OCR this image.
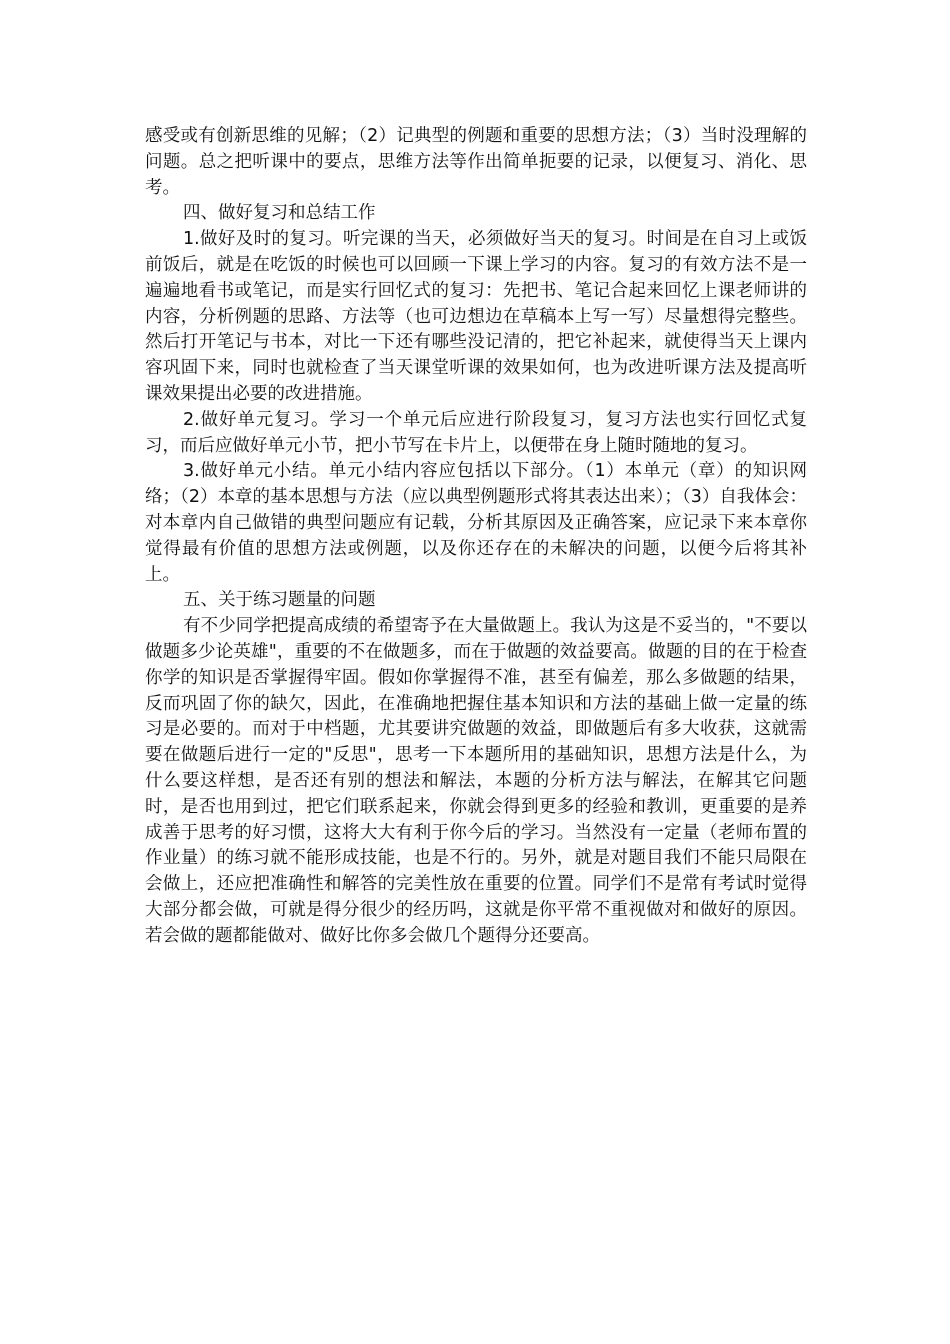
感受或有创新思维的见解；（2）记典型的例题和重要的思想方法；（3）当时没理解的问题。总之把听课中的要点，思维方法等作出简单扼要的记录，以便复习、消化、思考。

四、做好复习和总结工作

1.做好及时的复习。听完课的当天，必须做好当天的复习。时间是在自习上或饭前饭后，就是在吃饭的时候也可以回顾一下课上学习的内容。复习的有效方法不是一遍遍地看书或笔记，而是实行回忆式的复习：先把书、笔记合起来回忆上课老师讲的内容，分析例题的思路、方法等（也可边想边在草稿本上写一写）尽量想得完整些。然后打开笔记与书本，对比一下还有哪些没记清的，把它补起来，就使得当天上课内容巩固下来，同时也就检查了当天课堂听课的效果如何，也为改进听课方法及提高听课效果提出必要的改进措施。

2.做好单元复习。学习一个单元后应进行阶段复习，复习方法也实行回忆式复习，而后应做好单元小节，把小节写在卡片上，以便带在身上随时随地的复习。

3.做好单元小结。单元小结内容应包括以下部分。（1）本单元（章）的知识网络；（2）本章的基本思想与方法（应以典型例题形式将其表达出来）；（3）自我体会：对本章内自己做错的典型问题应有记载，分析其原因及正确答案，应记录下来本章你觉得最有价值的思想方法或例题，以及你还存在的未解决的问题，以便今后将其补上。

五、关于练习题量的问题

有不少同学把提高成绩的希望寄予在大量做题上。我认为这是不妥当的，"不要以做题多少论英雄"，重要的不在做题多，而在于做题的效益要高。做题的目的在于检查你学的知识是否掌握得牢固。假如你掌握得不准，甚至有偏差，那么多做题的结果，反而巩固了你的缺欠，因此，在准确地把握住基本知识和方法的基础上做一定量的练习是必要的。而对于中档题，尤其要讲究做题的效益，即做题后有多大收获，这就需要在做题后进行一定的"反思"，思考一下本题所用的基础知识，思想方法是什么，为什么要这样想，是否还有别的想法和解法，本题的分析方法与解法，在解其它问题时，是否也用到过，把它们联系起来，你就会得到更多的经验和教训，更重要的是养成善于思考的好习惯，这将大大有利于你今后的学习。当然没有一定量（老师布置的作业量）的练习就不能形成技能，也是不行的。另外，就是对题目我们不能只局限在会做上，还应把准确性和解答的完美性放在重要的位置。同学们不是常有考试时觉得大部分都会做，可就是得分很少的经历吗，这就是你平常不重视做对和做好的原因。若会做的题都能做对、做好比你多会做几个题得分还要高。
